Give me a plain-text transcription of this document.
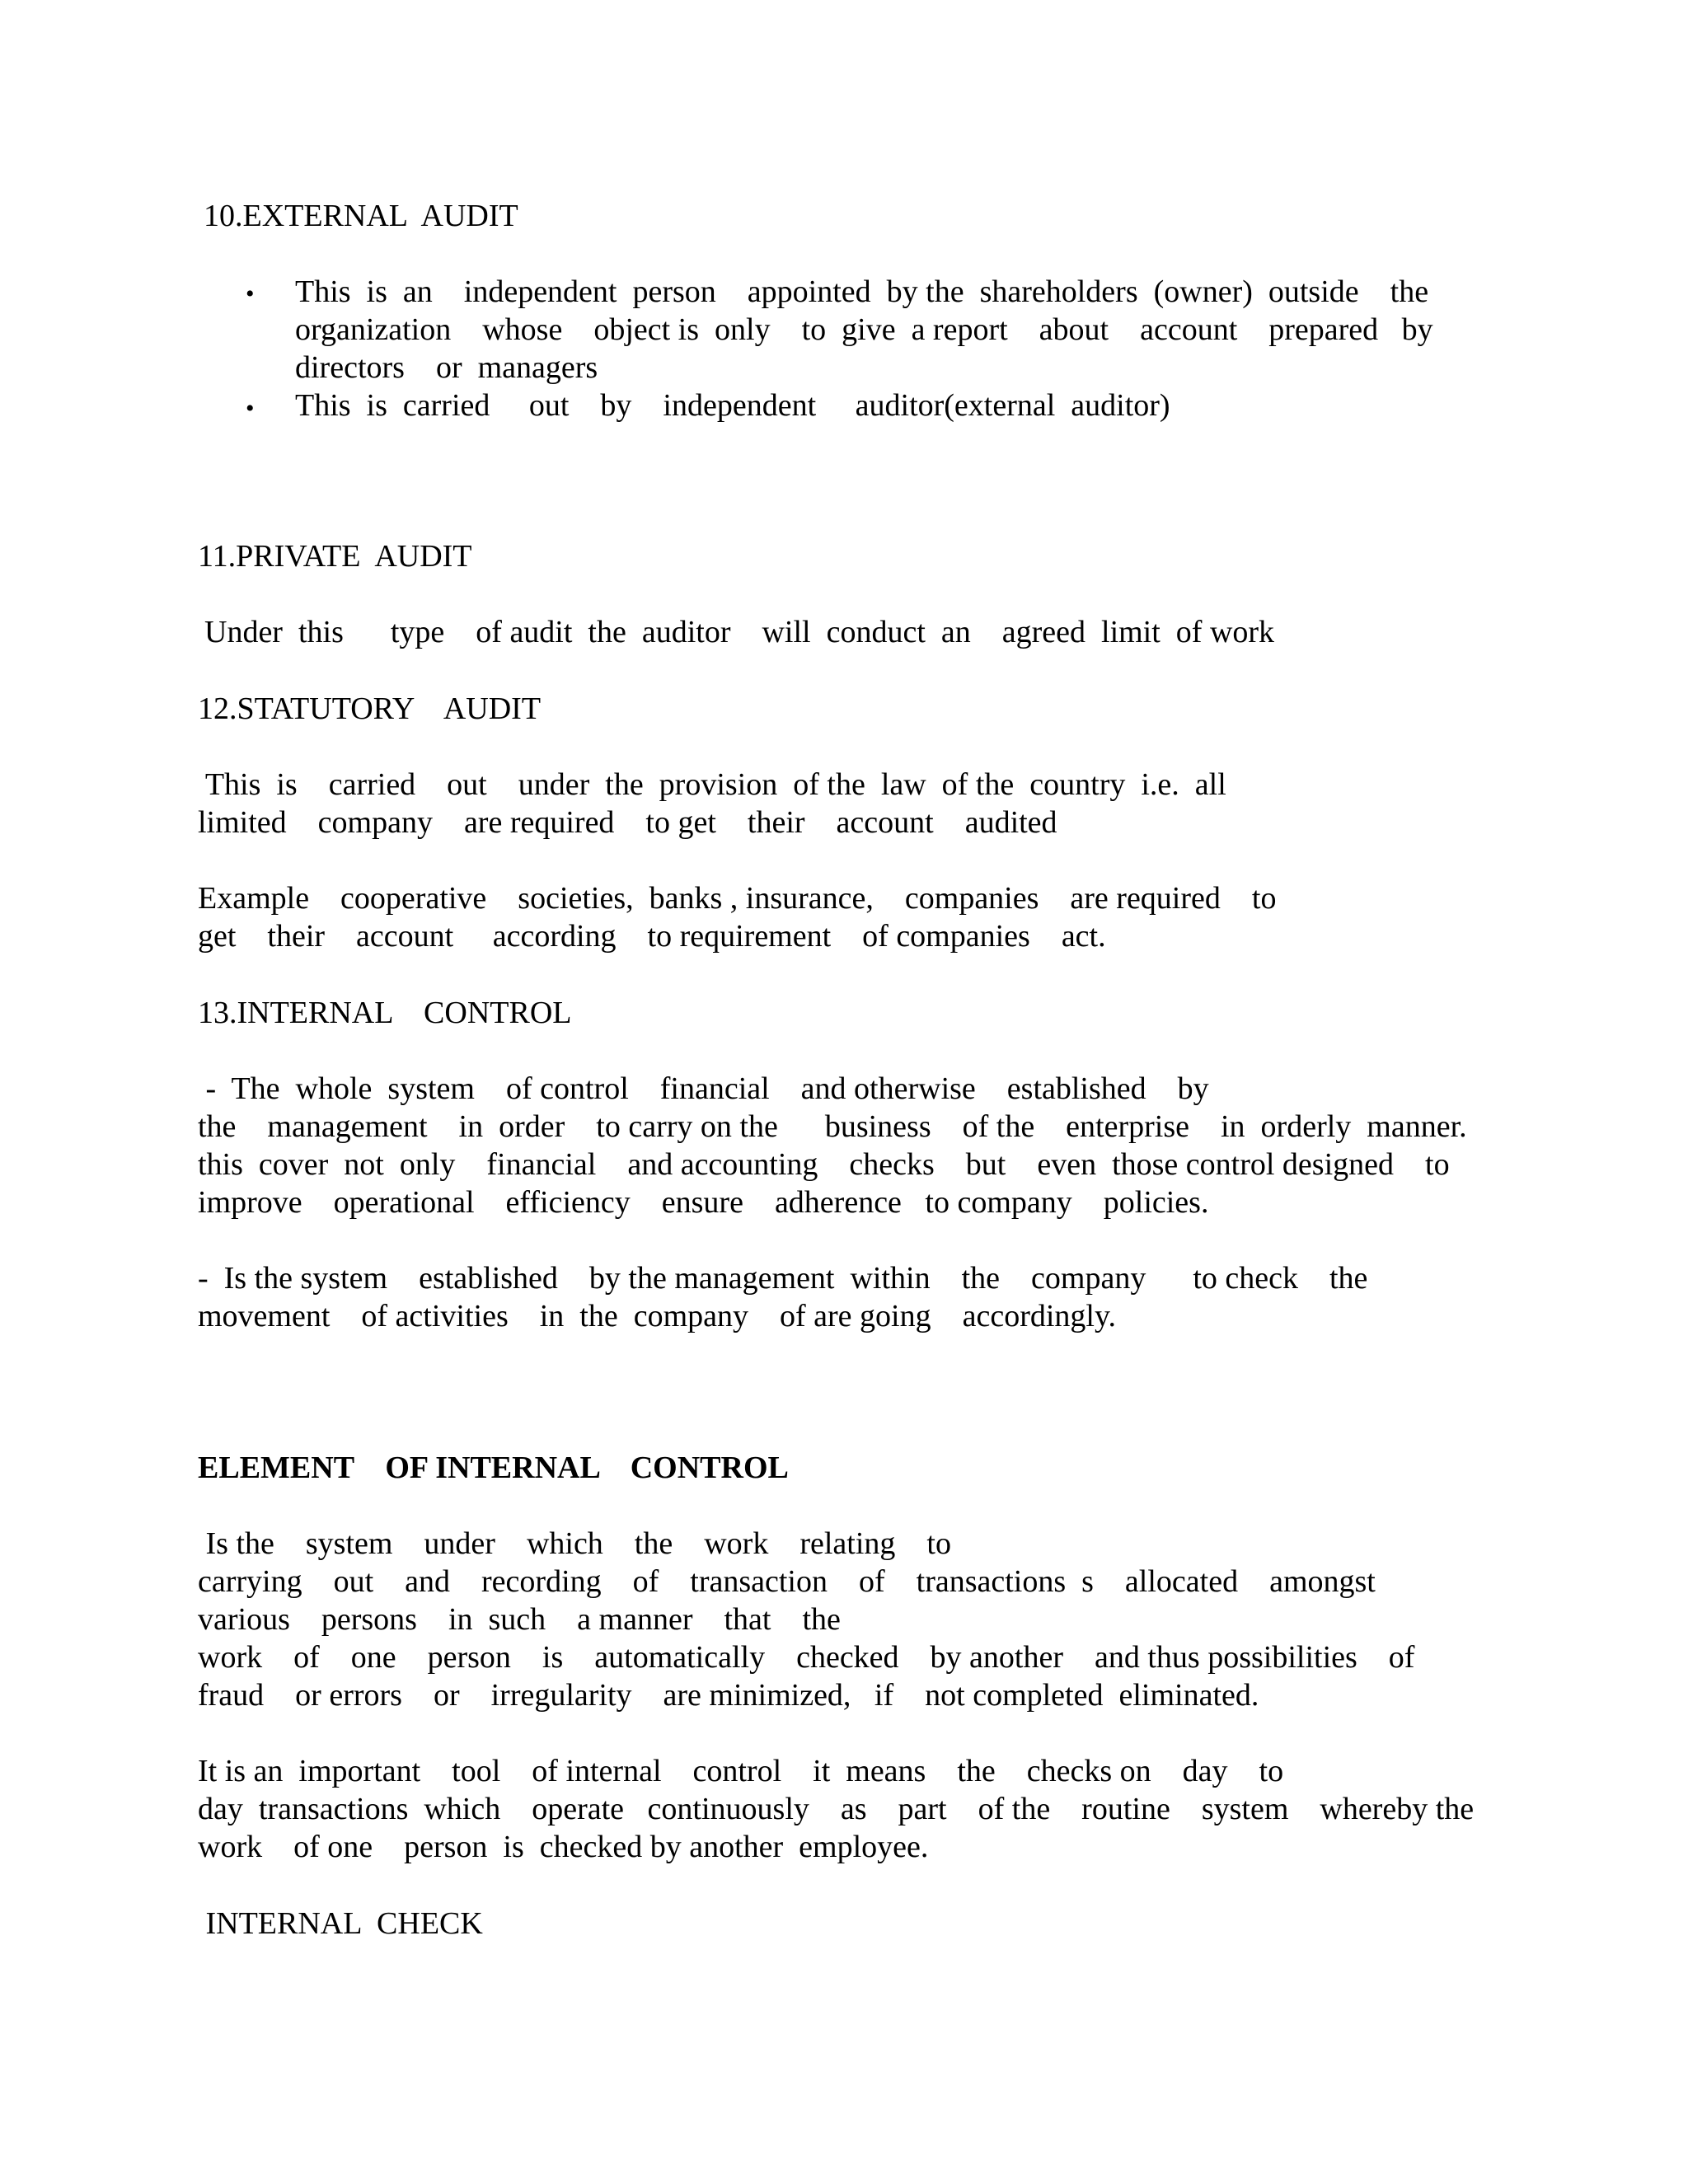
10.EXTERNAL  AUDIT
• This  is  an    independent  person    appointed  by the  shareholders  (owner)  outside    the
organization    whose    object is  only    to  give  a report    about    account    prepared   by
directors    or  managers
• This  is  carried     out    by    independent     auditor(external  auditor)
11.PRIVATE  AUDIT
Under  this      type    of audit  the  auditor    will  conduct  an    agreed  limit  of work
12.STATUTORY    AUDIT
This  is    carried    out    under  the  provision  of the  law  of the  country  i.e.  all
limited    company    are required    to get    their    account    audited
Example    cooperative    societies,  banks , insurance,    companies    are required    to
get    their    account     according    to requirement    of companies    act.
13.INTERNAL    CONTROL
-  The  whole  system    of control    financial    and otherwise    established    by
the    management    in  order    to carry on the      business    of the    enterprise    in  orderly  manner.
this  cover  not  only    financial    and accounting    checks    but    even  those control designed    to
improve    operational    efficiency    ensure    adherence   to company    policies.
-  Is the system    established    by the management  within    the    company      to check    the
movement    of activities    in  the  company    of are going    accordingly.
ELEMENT    OF INTERNAL    CONTROL
Is the    system    under    which    the    work    relating    to
carrying    out    and    recording    of    transaction    of    transactions  s    allocated    amongst
various    persons    in  such    a manner    that    the
work    of    one    person    is    automatically    checked    by another    and thus possibilities    of
fraud    or errors    or    irregularity    are minimized,   if    not completed  eliminated.
It is an  important    tool    of internal    control    it  means    the    checks on    day    to
day  transactions  which    operate   continuously    as    part    of the    routine    system    whereby the
work    of one    person  is  checked by another  employee.
INTERNAL  CHECK
